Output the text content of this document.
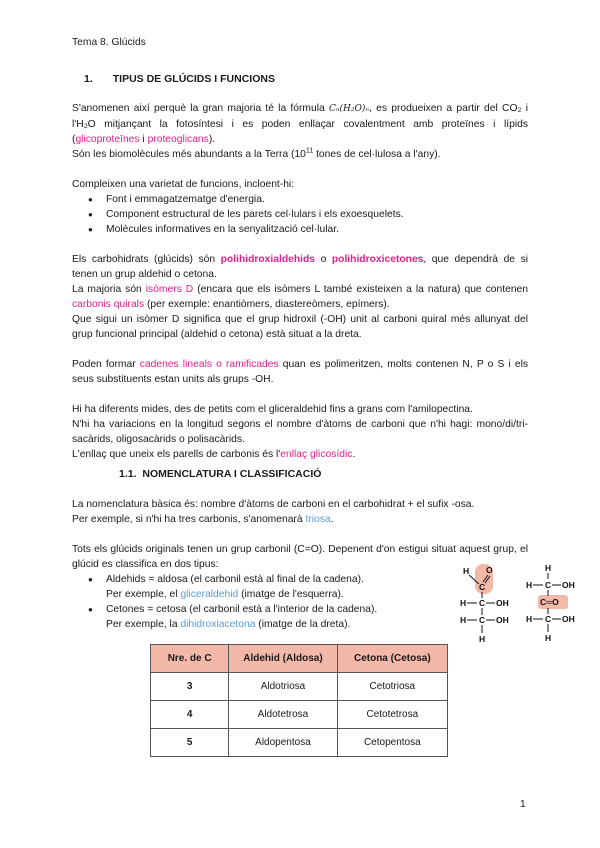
Tema 8. Glúcids
1. TIPUS DE GLÚCIDS I FUNCIONS

S'anomenen així perquè la gran majoria té la fórmula Cₙ(H₂O)ₙ, es produeixen a partir del CO₂ i l'H₂O mitjançant la fotosíntesi i es poden enllaçar covalentment amb proteïnes i lípids (glicoproteïnes i proteoglicans).

Són les biomolècules més abundants a la Terra ($10^{11}$ tones de cel·lulosa a l'any).

Compleixen una varietat de funcions, incloent-hi:

● Font i emmagatzematge d'energia.
● Component estructural de les parets cel·lulars i els exoesquelets.
● Molècules informatives en la senyalització cel·lular.

Els carbohidrats (glúcids) són polihidroxialdehids o polihidroxicetones, que dependrà de si tenen un grup aldehid o cetona.

La majoria són isòmers D (encara que els isòmers L també existeixen a la natura) que contenen carbonis quirals (per exemple: enantiòmers, diastereòmers, epímers).

Que sigui un isòmer D significa que el grup hidroxil (-OH) unit al carboni quiral més allunyat del grup funcional principal (aldehid o cetona) està situat a la dreta.

Poden formar cadenes lineals o ramificades quan es polimeritzen, molts contenen N, P o S i els seus substituents estan units als grups -OH.

Hi ha diferents mides, des de petits com el gliceraldehid fins a grans com l'amilopectina.

N'hi ha variacions en la longitud segons el nombre d'àtoms de carboni que n'hi hagi: mono/di/tri-sacàrids, oligosacàrids o polisacàrids.

L'enllaç que uneix els parells de carbonis és l'enllaç glicosídic.

1.1. NOMENCLATURA I CLASSIFICACIÓ

La nomenclatura bàsica és: nombre d'àtoms de carboni en el carbohidrat + el sufix -osa.

Per exemple, si n'hi ha tres carbonis, s'anomenarà triosa.

Tots els glúcids originals tenen un grup carbonil (C=O). Depenent d'on estigui situat aquest grup, el glúcid es classifica en dos tipus:
● Aldehids = aldosa (el carbonil està al final de la cadena).
Per exemple, el gliceraldehid (imatge de l'esquerra).
● Cetones = cetosa (el carbonil està a l'interior de la cadena).
Per exemple, la dihidroxiacetona (imatge de la dreta).
H
C
O
H C OH
H C OH
H
H
H C OH
C═O
H C OH
H
Nre. de C	Aldehid (Aldosa)	Cetona (Cetosa)
3	Aldotriosa	Cetotriosa
4	Aldotetrosa	Cetotetrosa
5	Aldopentosa	Cetopentosa
1
